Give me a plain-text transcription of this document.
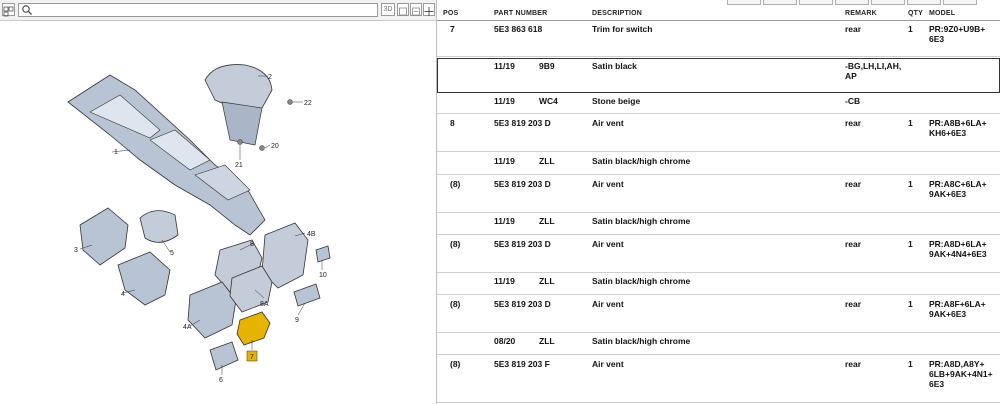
3D
1
2
3
4
4A
4B
5
6
7
8
8A
9
10
20
21
22
POS	PART NUMBER	DESCRIPTION	REMARK	QTY MODEL
7	5E3 863 618	Trim for switch	rear	1 PR:9Z0+U9B+
6E3
11/19	9B9	Satin black	-BG,LH,LI,AH,
AP
11/19	WC4	Stone beige	-CB
8	5E3 819 203 D	Air vent	rear	1 PR:A8B+6LA+
KH6+6E3
11/19	ZLL	Satin black/high chrome
(8)	5E3 819 203 D	Air vent	rear	1 PR:A8C+6LA+
9AK+6E3
11/19	ZLL	Satin black/high chrome
(8)	5E3 819 203 D	Air vent	rear	1 PR:A8D+6LA+
9AK+4N4+6E3
11/19	ZLL	Satin black/high chrome
(8)	5E3 819 203 D	Air vent	rear	1 PR:A8F+6LA+
9AK+6E3
08/20	ZLL	Satin black/high chrome
(8)	5E3 819 203 F	Air vent	rear	1 PR:A8D,A8Y+
6LB+9AK+4N1+
6E3
